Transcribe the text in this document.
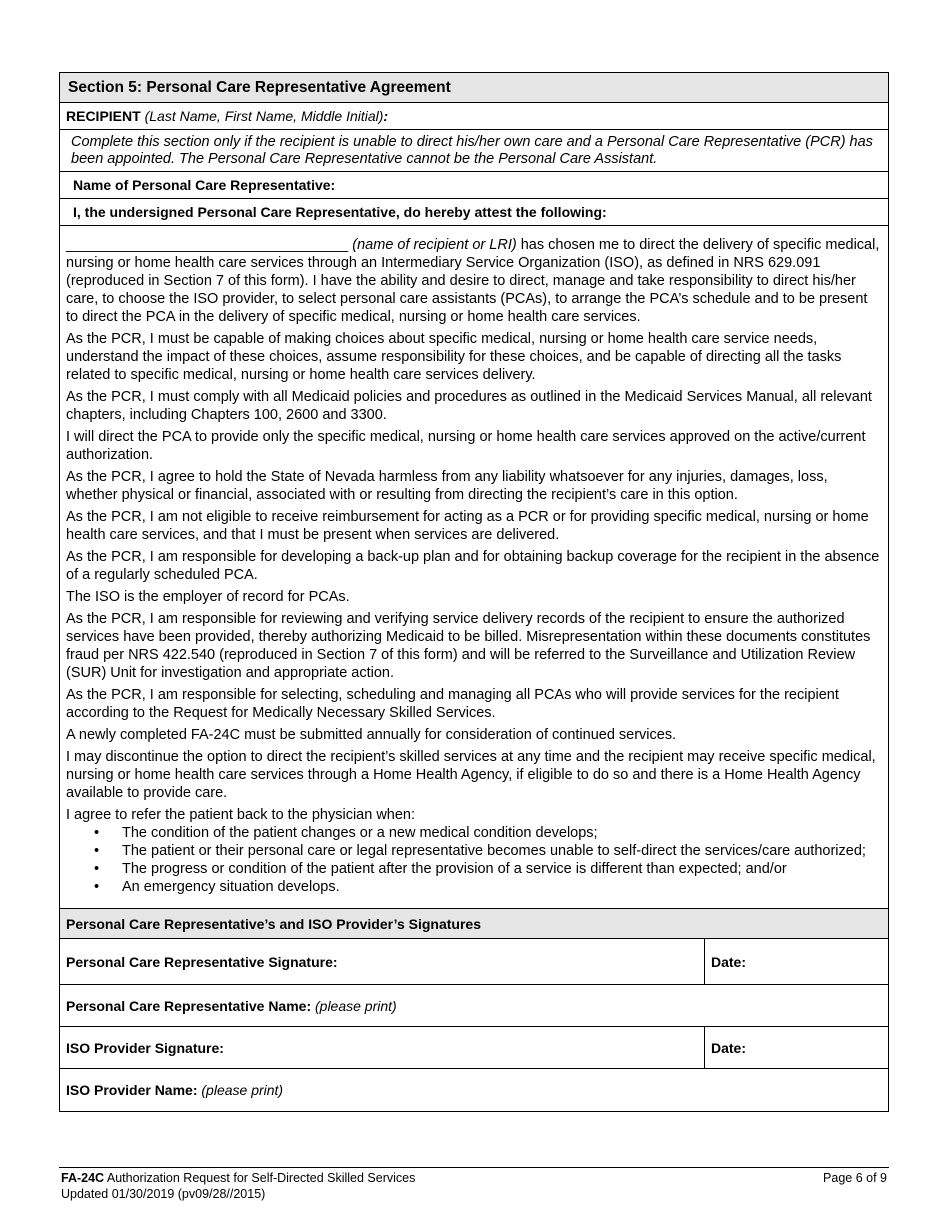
Section 5: Personal Care Representative Agreement
RECIPIENT (Last Name, First Name, Middle Initial):
Complete this section only if the recipient is unable to direct his/her own care and a Personal Care Representative (PCR) has been appointed. The Personal Care Representative cannot be the Personal Care Assistant.
Name of Personal Care Representative:
I, the undersigned Personal Care Representative, do hereby attest the following:

___________________________________ (name of recipient or LRI) has chosen me to direct the delivery of specific medical, nursing or home health care services through an Intermediary Service Organization (ISO), as defined in NRS 629.091 (reproduced in Section 7 of this form). I have the ability and desire to direct, manage and take responsibility to direct his/her care, to choose the ISO provider, to select personal care assistants (PCAs), to arrange the PCA’s schedule and to be present to direct the PCA in the delivery of specific medical, nursing or home health care services.

As the PCR, I must be capable of making choices about specific medical, nursing or home health care service needs, understand the impact of these choices, assume responsibility for these choices, and be capable of directing all the tasks related to specific medical, nursing or home health care services delivery.

As the PCR, I must comply with all Medicaid policies and procedures as outlined in the Medicaid Services Manual, all relevant chapters, including Chapters 100, 2600 and 3300.

I will direct the PCA to provide only the specific medical, nursing or home health care services approved on the active/current authorization.

As the PCR, I agree to hold the State of Nevada harmless from any liability whatsoever for any injuries, damages, loss, whether physical or financial, associated with or resulting from directing the recipient’s care in this option.

As the PCR, I am not eligible to receive reimbursement for acting as a PCR or for providing specific medical, nursing or home health care services, and that I must be present when services are delivered.

As the PCR, I am responsible for developing a back-up plan and for obtaining backup coverage for the recipient in the absence of a regularly scheduled PCA.

The ISO is the employer of record for PCAs.

As the PCR, I am responsible for reviewing and verifying service delivery records of the recipient to ensure the authorized services have been provided, thereby authorizing Medicaid to be billed. Misrepresentation within these documents constitutes fraud per NRS 422.540 (reproduced in Section 7 of this form) and will be referred to the Surveillance and Utilization Review (SUR) Unit for investigation and appropriate action.

As the PCR, I am responsible for selecting, scheduling and managing all PCAs who will provide services for the recipient according to the Request for Medically Necessary Skilled Services.

A newly completed FA-24C must be submitted annually for consideration of continued services.

I may discontinue the option to direct the recipient’s skilled services at any time and the recipient may receive specific medical, nursing or home health care services through a Home Health Agency, if eligible to do so and there is a Home Health Agency available to provide care.

I agree to refer the patient back to the physician when:

• The condition of the patient changes or a new medical condition develops;
• The patient or their personal care or legal representative becomes unable to self-direct the services/care authorized;
• The progress or condition of the patient after the provision of a service is different than expected; and/or
• An emergency situation develops.
Personal Care Representative’s and ISO Provider’s Signatures
Personal Care Representative Signature:	Date:
Personal Care Representative Name:
(please print)
ISO Provider Signature:	Date:
ISO Provider Name:
(please print)
FA-24C Authorization Request for Self-Directed Skilled Services
Updated 01/30/2019 (pv09/28//2015)
Page 6 of 9
